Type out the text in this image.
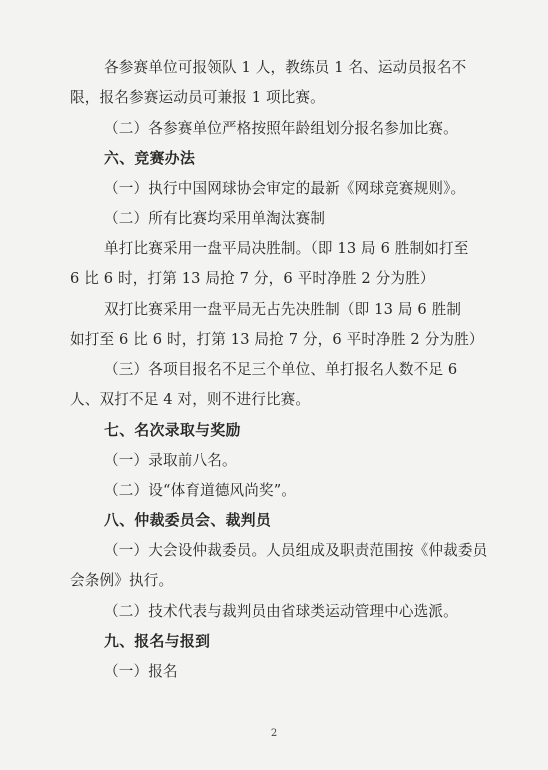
各参赛单位可报领队 1 人，教练员 1 名、运动员报名不
限，报名参赛运动员可兼报 1 项比赛。
（二）各参赛单位严格按照年龄组划分报名参加比赛。
六、竞赛办法
（一）执行中国网球协会审定的最新《网球竞赛规则》。
（二）所有比赛均采用单淘汰赛制
单打比赛采用一盘平局决胜制。（即 13 局 6 胜制如打至
6 比 6 时，打第 13 局抢 7 分，6 平时净胜 2 分为胜）
双打比赛采用一盘平局无占先决胜制（即 13 局 6 胜制
如打至 6 比 6 时，打第 13 局抢 7 分，6 平时净胜 2 分为胜）
（三）各项目报名不足三个单位、单打报名人数不足 6
人、双打不足 4 对，则不进行比赛。
七、名次录取与奖励
（一）录取前八名。
（二）设“体育道德风尚奖”。
八、仲裁委员会、裁判员
（一）大会设仲裁委员。人员组成及职责范围按《仲裁委员
会条例》执行。
（二）技术代表与裁判员由省球类运动管理中心选派。
九、报名与报到
（一）报名
2
